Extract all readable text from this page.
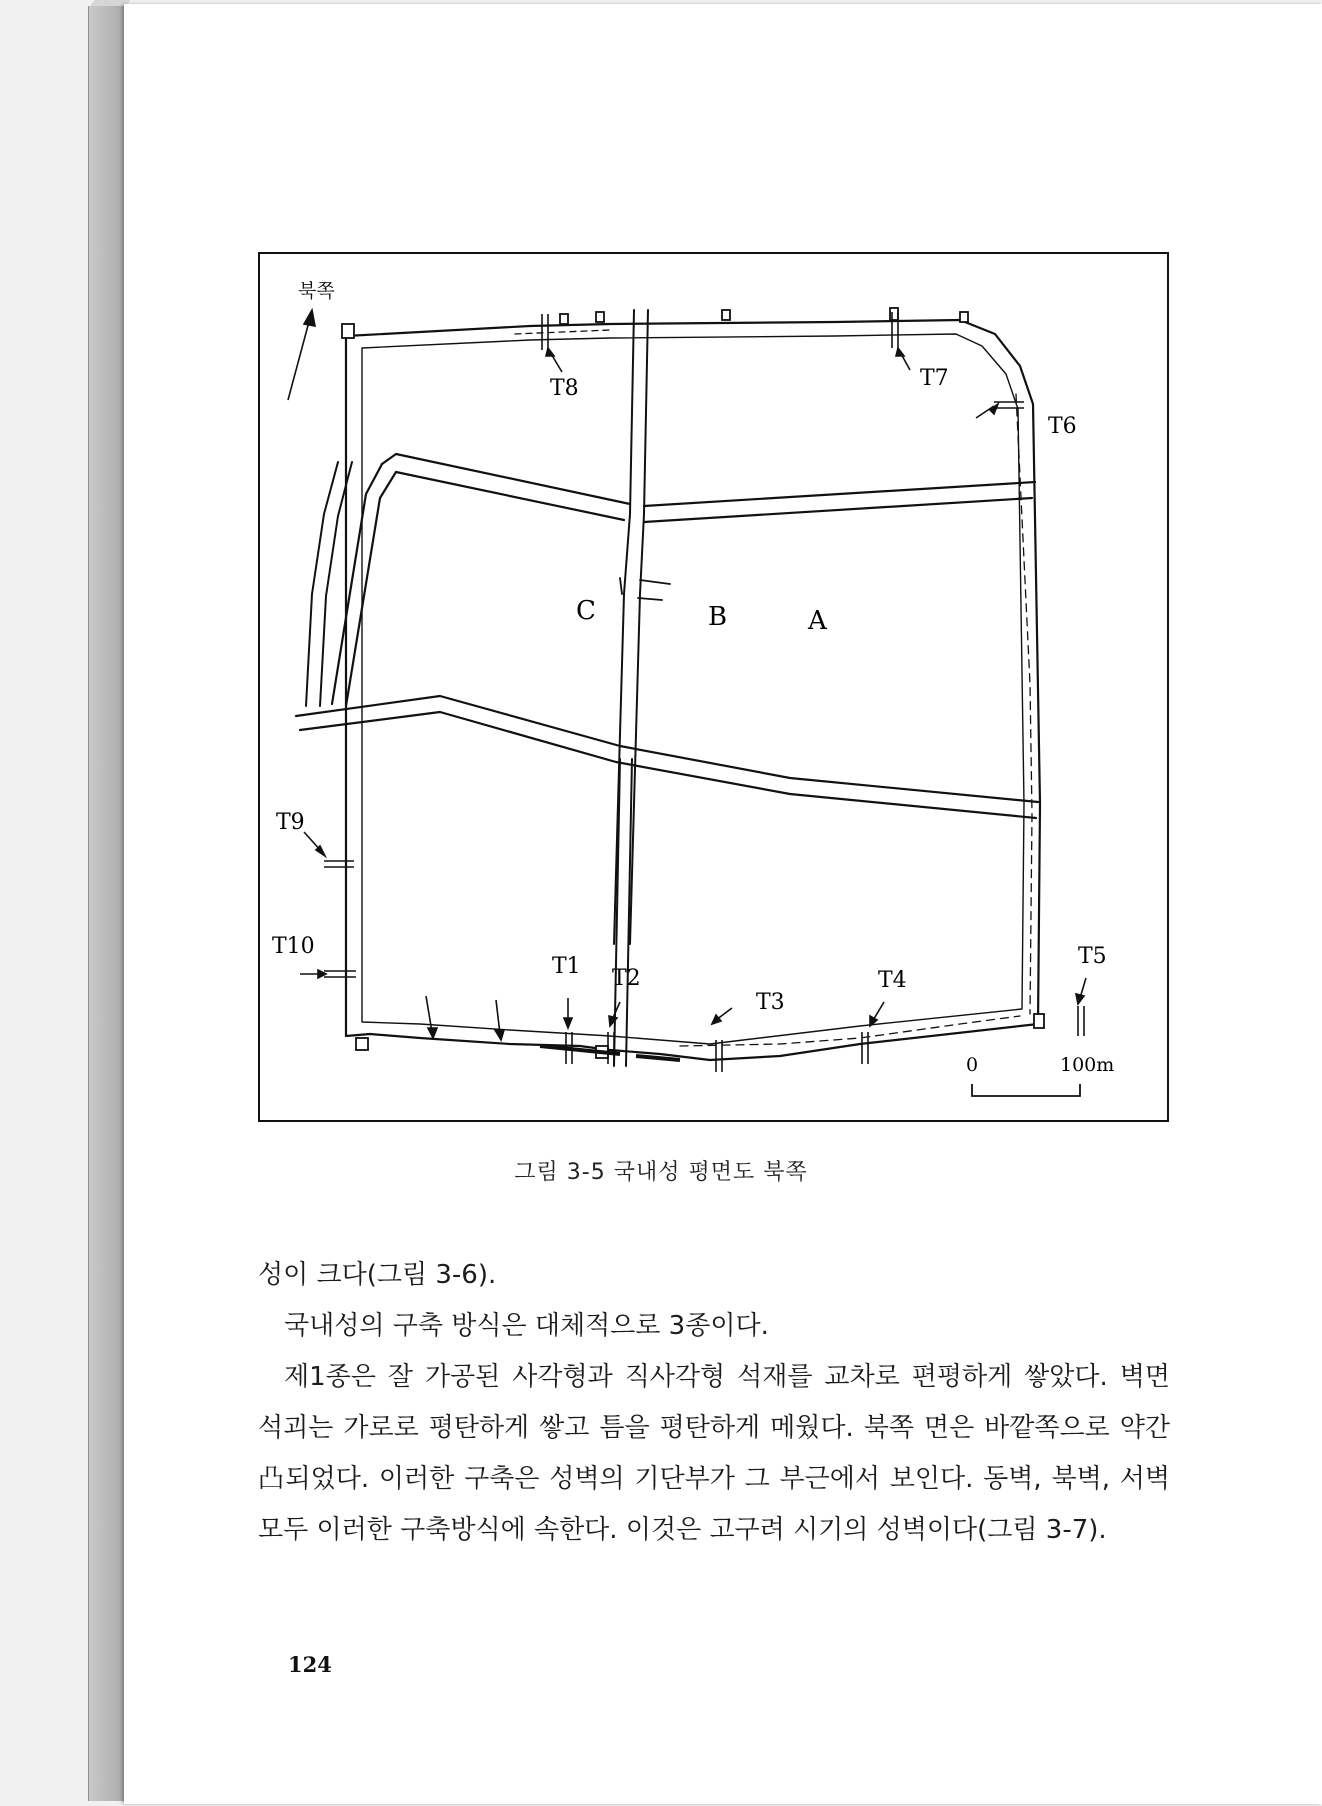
북쪽
C	B	A
T1 T2
T3
T4
T5
T6
T7
T8
T9
T10
0	100m
그림 3-5 국내성 평면도 북쪽

성이 크다(그림 3-6).

국내성의 구축 방식은 대체적으로 3종이다.

제1종은 잘 가공된 사각형과 직사각형 석재를 교차로 편평하게 쌓았다. 벽면 석괴는 가로로 평탄하게 쌓고 틈을 평탄하게 메웠다. 북쪽 면은 바깥쪽으로 약간 凸되었다. 이러한 구축은 성벽의 기단부가 그 부근에서 보인다. 동벽, 북벽, 서벽 모두 이러한 구축방식에 속한다. 이것은 고구려 시기의 성벽이다(그림 3-7).

124
